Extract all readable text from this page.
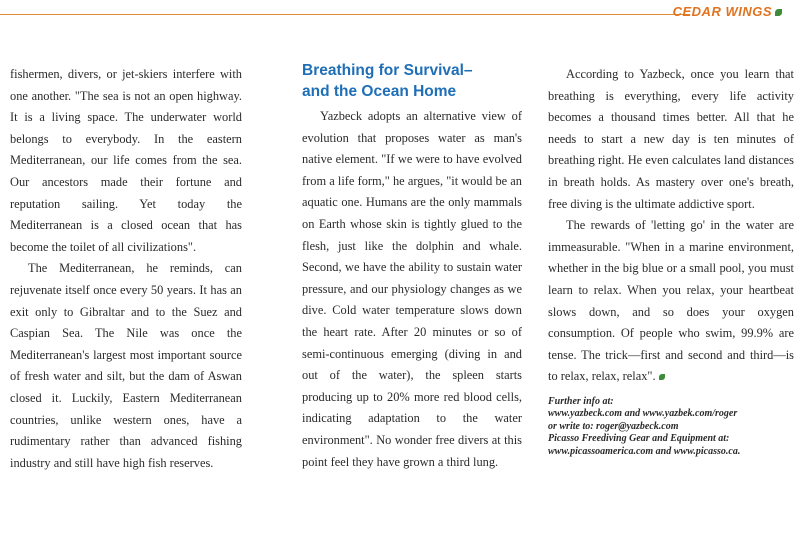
CEDAR WINGS

fishermen, divers, or jet-skiers interfere with one another. "The sea is not an open highway. It is a living space. The underwater world belongs to everybody. In the eastern Mediterranean, our life comes from the sea. Our ancestors made their fortune and reputation sailing. Yet today the Mediterranean is a closed ocean that has become the toilet of all civilizations".

The Mediterranean, he reminds, can rejuvenate itself once every 50 years. It has an exit only to Gibraltar and to the Suez and Caspian Sea. The Nile was once the Mediterranean's largest most important source of fresh water and silt, but the dam of Aswan closed it. Luckily, Eastern Mediterranean countries, unlike western ones, have a rudimentary rather than advanced fishing industry and still have high fish reserves.

Breathing for Survival–
and the Ocean Home

Yazbeck adopts an alternative view of evolution that proposes water as man's native element. "If we were to have evolved from a life form," he argues, "it would be an aquatic one. Humans are the only mammals on Earth whose skin is tightly glued to the flesh, just like the dolphin and whale. Second, we have the ability to sustain water pressure, and our physiology changes as we dive. Cold water temperature slows down the heart rate. After 20 minutes or so of semi-continuous emerging (diving in and out of the water), the spleen starts producing up to 20% more red blood cells, indicating adaptation to the water environment". No wonder free divers at this point feel they have grown a third lung.

According to Yazbeck, once you learn that breathing is everything, every life activity becomes a thousand times better. All that he needs to start a new day is ten minutes of breathing right. He even calculates land distances in breath holds. As mastery over one's breath, free diving is the ultimate addictive sport.

The rewards of 'letting go' in the water are immeasurable. "When in a marine environment, whether in the big blue or a small pool, you must learn to relax. When you relax, your heartbeat slows down, and so does your oxygen consumption. Of people who swim, 99.9% are tense. The trick—first and second and third—is to relax, relax, relax".

Further info at:
www.yazbeck.com and www.yazbek.com/roger
or write to: roger@yazbeck.com
Picasso Freediving Gear and Equipment at:
www.picassoamerica.com and www.picasso.ca.
